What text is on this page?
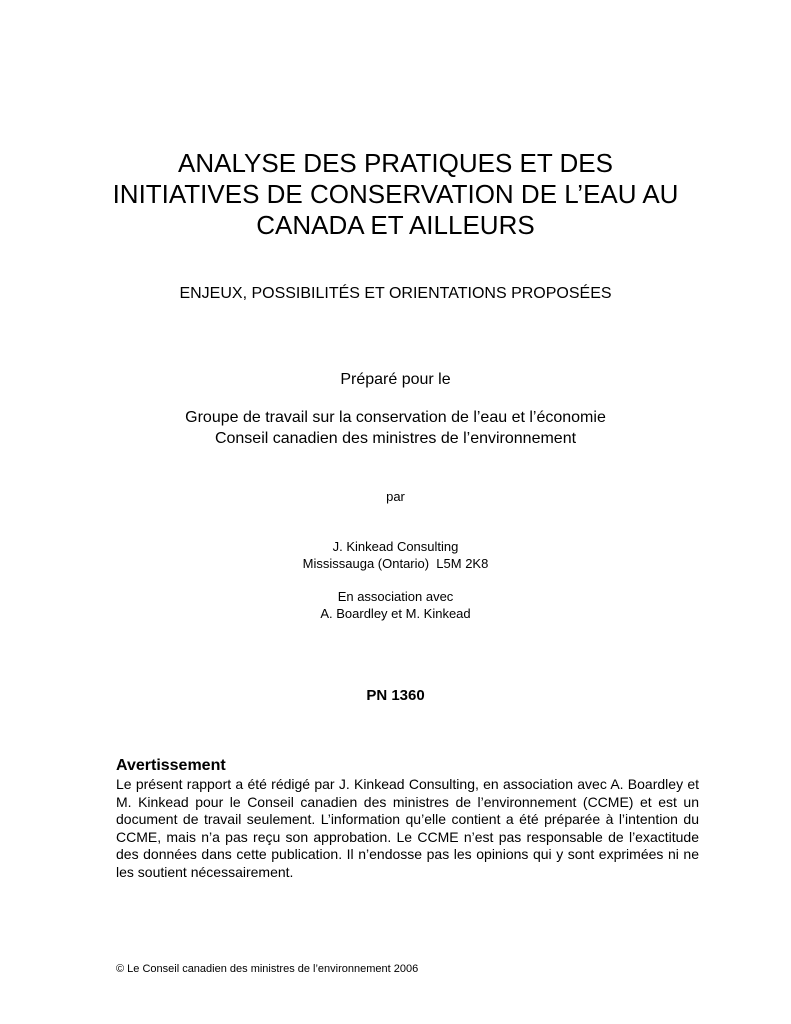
ANALYSE DES PRATIQUES ET DES
INITIATIVES DE CONSERVATION DE L’EAU AU
CANADA ET AILLEURS
ENJEUX, POSSIBILITÉS ET ORIENTATIONS PROPOSÉES
Préparé pour le
Groupe de travail sur la conservation de l’eau et l’économie
Conseil canadien des ministres de l’environnement
par
J. Kinkead Consulting
Mississauga (Ontario)  L5M 2K8
En association avec
A. Boardley et M. Kinkead
PN 1360

Avertissement

Le présent rapport a été rédigé par J. Kinkead Consulting, en association avec A. Boardley et M. Kinkead pour le Conseil canadien des ministres de l’environnement (CCME) et est un document de travail seulement. L’information qu’elle contient a été préparée à l’intention du CCME, mais n’a pas reçu son approbation. Le CCME n’est pas responsable de l’exactitude des données dans cette publication. Il n’endosse pas les opinions qui y sont exprimées ni ne les soutient nécessairement.

© Le Conseil canadien des ministres de l’environnement 2006
